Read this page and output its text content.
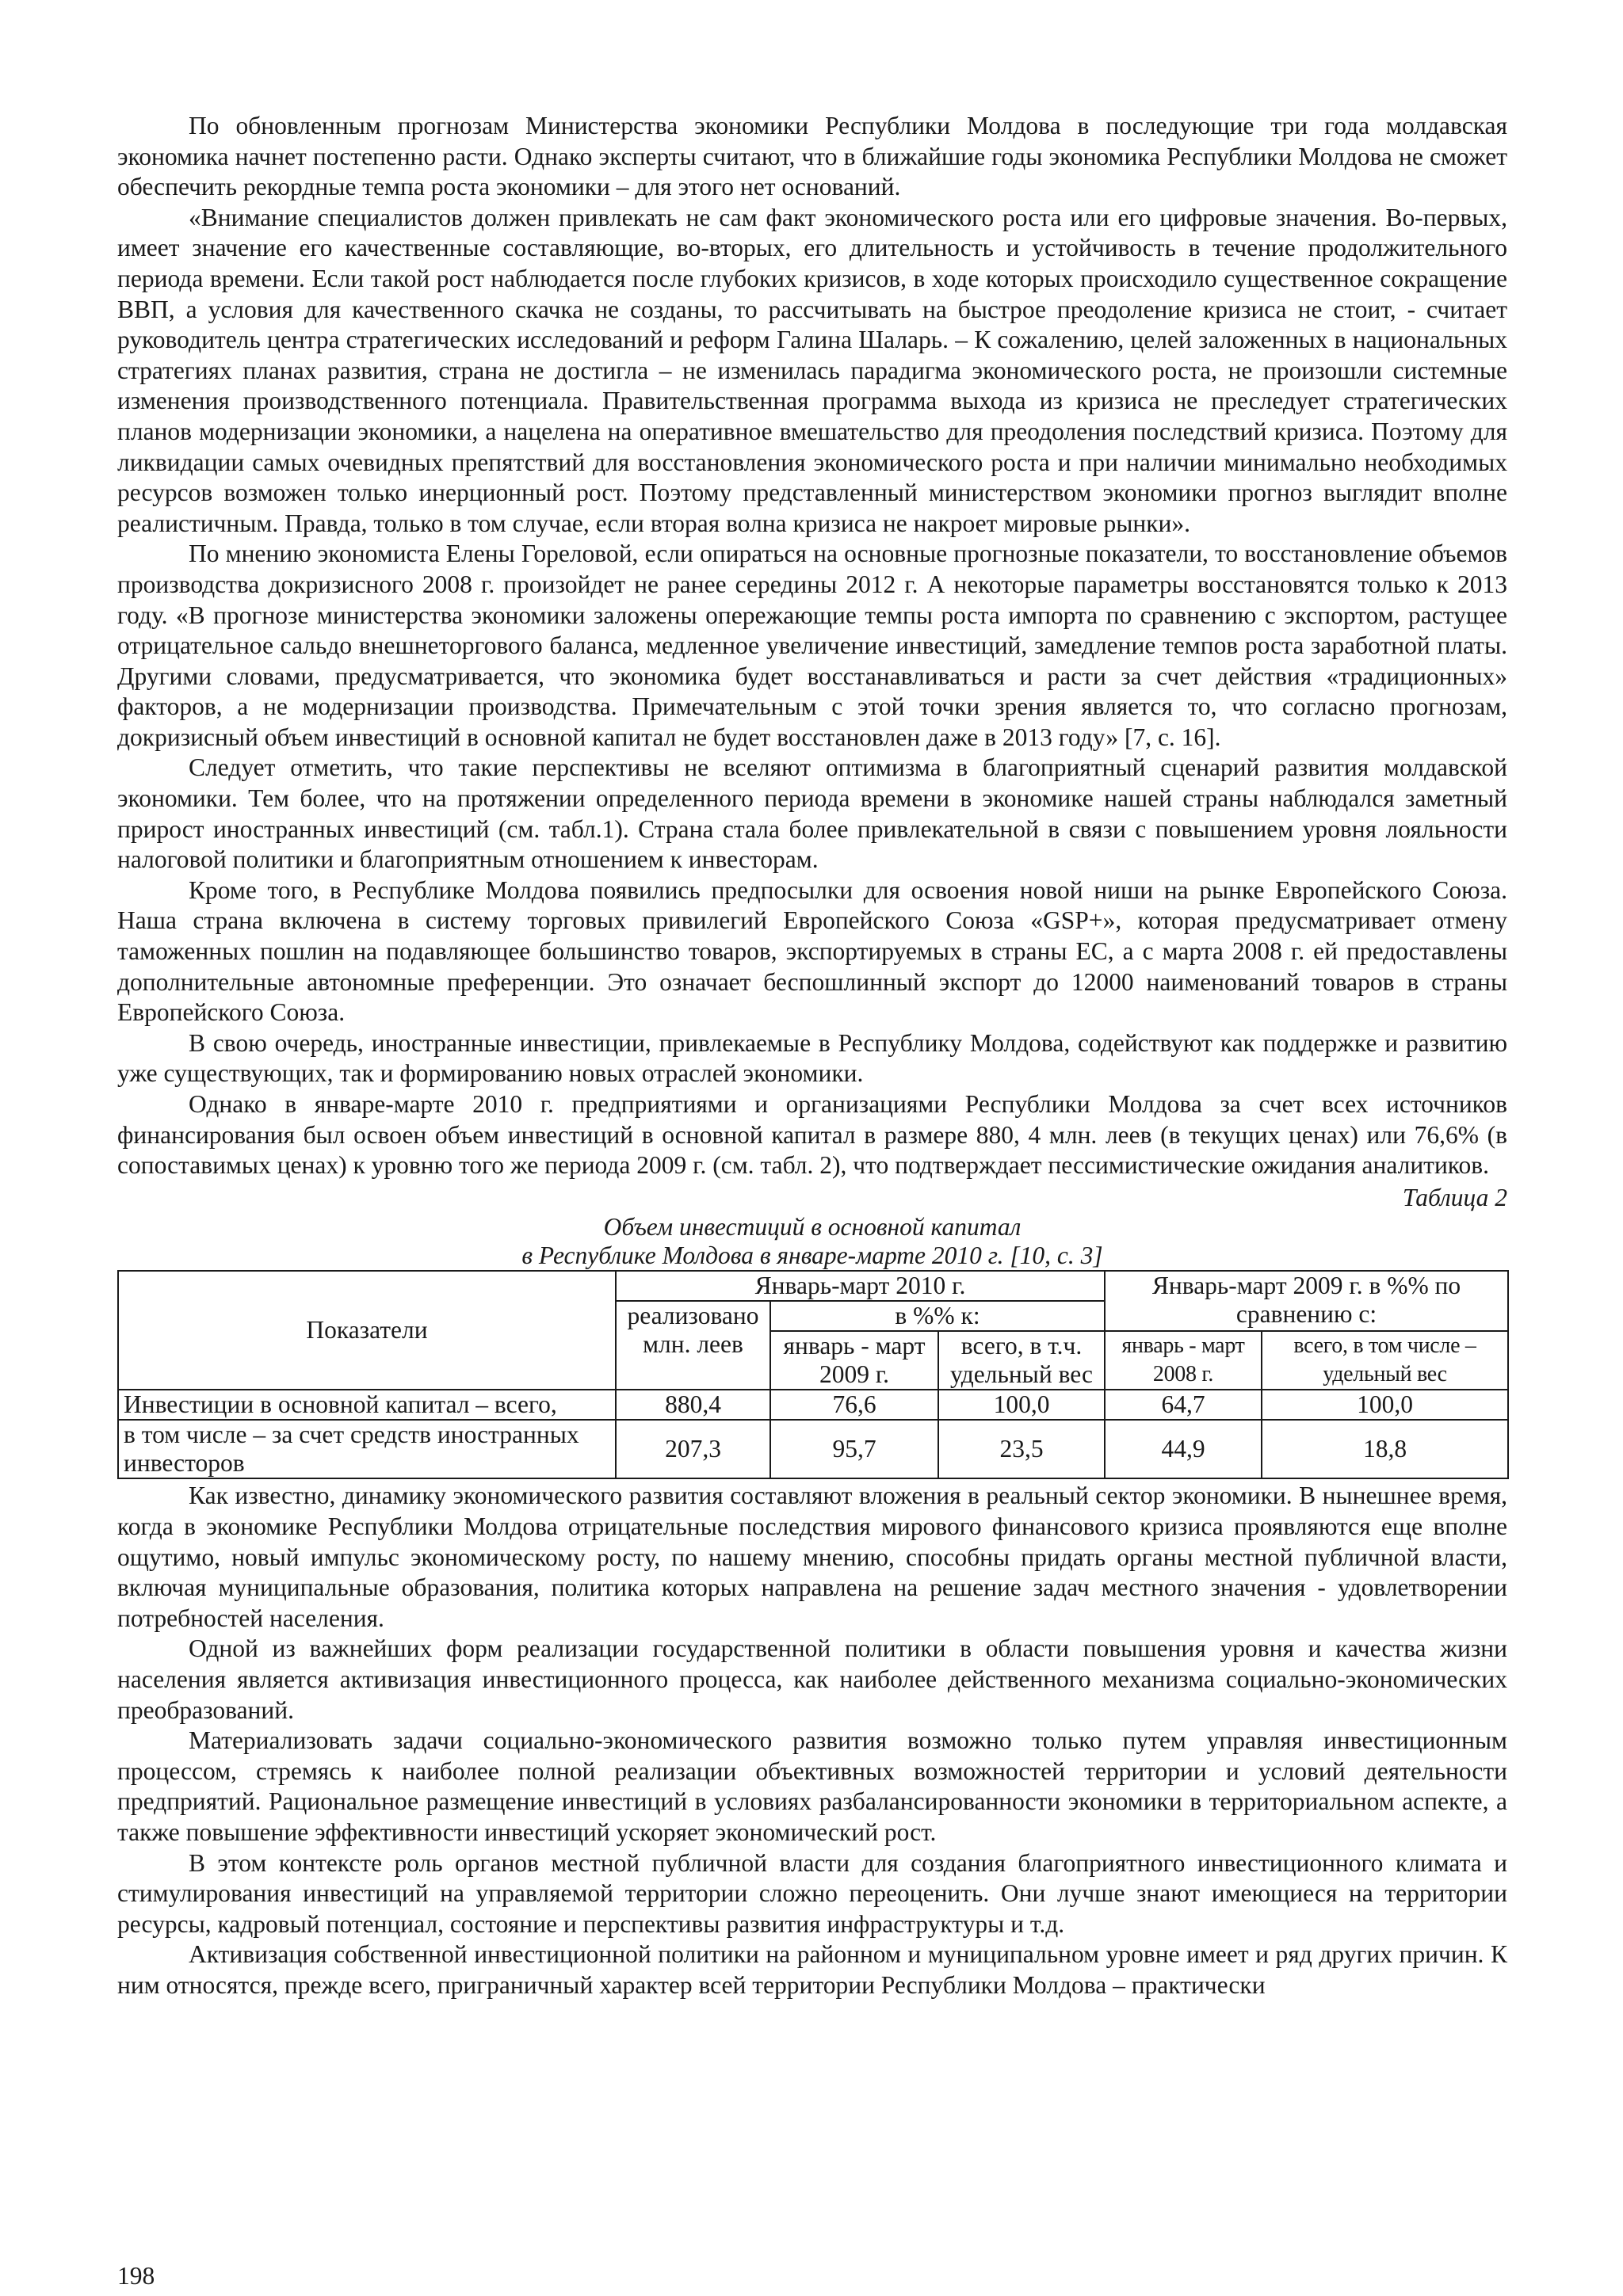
По обновленным прогнозам Министерства экономики Республики Молдова в последующие три года молдавская экономика начнет постепенно расти. Однако эксперты считают, что в ближайшие годы экономика Республики Молдова не сможет обеспечить рекордные темпа роста экономики – для этого нет оснований.

«Внимание специалистов должен привлекать не сам факт экономического роста или его цифровые значения. Во-первых, имеет значение его качественные составляющие, во-вторых, его длительность и устойчивость в течение продолжительного периода времени. Если такой рост наблюдается после глубоких кризисов, в ходе которых происходило существенное сокращение ВВП, а условия для качественного скачка не созданы, то рассчитывать на быстрое преодоление кризиса не стоит, - считает руководитель центра стратегических исследований и реформ Галина Шаларь. – К сожалению, целей заложенных в национальных стратегиях планах развития, страна не достигла – не изменилась парадигма экономического роста, не произошли системные изменения производственного потенциала. Правительственная программа выхода из кризиса не преследует стратегических планов модернизации экономики, а нацелена на оперативное вмешательство для преодоления последствий кризиса. Поэтому для ликвидации самых очевидных препятствий для восстановления экономического роста и при наличии минимально необходимых ресурсов возможен только инерционный рост. Поэтому представленный министерством экономики прогноз выглядит вполне реалистичным. Правда, только в том случае, если вторая волна кризиса не накроет мировые рынки».

По мнению экономиста Елены Гореловой, если опираться на основные прогнозные показатели, то восстановление объемов производства докризисного 2008 г. произойдет не ранее середины 2012 г. А некоторые параметры восстановятся только к 2013 году. «В прогнозе министерства экономики заложены опережающие темпы роста импорта по сравнению с экспортом, растущее отрицательное сальдо внешнеторгового баланса, медленное увеличение инвестиций, замедление темпов роста заработной платы. Другими словами, предусматривается, что экономика будет восстанавливаться и расти за счет действия «традиционных» факторов, а не модернизации производства. Примечательным с этой точки зрения является то, что согласно прогнозам, докризисный объем инвестиций в основной капитал не будет восстановлен даже в 2013 году» [7, с. 16].

Следует отметить, что такие перспективы не вселяют оптимизма в благоприятный сценарий развития молдавской экономики. Тем более, что на протяжении определенного периода времени в экономике нашей страны наблюдался заметный прирост иностранных инвестиций (см. табл.1). Страна стала более привлекательной в связи с повышением уровня лояльности налоговой политики и благоприятным отношением к инвесторам.

Кроме того, в Республике Молдова появились предпосылки для освоения новой ниши на рынке Европейского Союза. Наша страна включена в систему торговых привилегий Европейского Союза «GSP+», которая предусматривает отмену таможенных пошлин на подавляющее большинство товаров, экспортируемых в страны ЕС, а с марта 2008 г. ей предоставлены дополнительные автономные преференции. Это означает беспошлинный экспорт до 12000 наименований товаров в страны Европейского Союза.

В свою очередь, иностранные инвестиции, привлекаемые в Республику Молдова, содействуют как поддержке и развитию уже существующих, так и формированию новых отраслей экономики.

Однако в январе-марте 2010 г. предприятиями и организациями Республики Молдова за счет всех источников финансирования был освоен объем инвестиций в основной капитал в размере 880, 4 млн. леев (в текущих ценах) или 76,6% (в сопоставимых ценах) к уровню того же периода 2009 г. (см. табл. 2), что подтверждает пессимистические ожидания аналитиков.

Таблица 2
Объем инвестиций в основной капитал
в Республике Молдова в январе-марте 2010 г. [10, с. 3]
Показатели	Январь-март 2010 г.			Январь-март 2009 г. в %% по сравнению с:	
	реализовано млн. леев	в %% к:			
		январь - март 2009 г.	всего, в т.ч. удельный вес	январь - март 2008 г.	всего, в том числе – удельный вес
Инвестиции в основной капитал – всего,	880,4	76,6	100,0	64,7	100,0
в том числе – за счет средств иностранных инвесторов	207,3	95,7	23,5	44,9	18,8

Как известно, динамику экономического развития составляют вложения в реальный сектор экономики. В нынешнее время, когда в экономике Республики Молдова отрицательные последствия мирового финансового кризиса проявляются еще вполне ощутимо, новый импульс экономическому росту, по нашему мнению, способны придать органы местной публичной власти, включая муниципальные образования, политика которых направлена на решение задач местного значения - удовлетворении потребностей населения.

Одной из важнейших форм реализации государственной политики в области повышения уровня и качества жизни населения является активизация инвестиционного процесса, как наиболее действенного механизма социально-экономических преобразований.

Материализовать задачи социально-экономического развития возможно только путем управляя инвестиционным процессом, стремясь к наиболее полной реализации объективных возможностей территории и условий деятельности предприятий. Рациональное размещение инвестиций в условиях разбалансированности экономики в территориальном аспекте, а также повышение эффективности инвестиций ускоряет экономический рост.

В этом контексте роль органов местной публичной власти для создания благоприятного инвестиционного климата и стимулирования инвестиций на управляемой территории сложно переоценить. Они лучше знают имеющиеся на территории ресурсы, кадровый потенциал, состояние и перспективы развития инфраструктуры и т.д.

Активизация собственной инвестиционной политики на районном и муниципальном уровне имеет и ряд других причин. К ним относятся, прежде всего, приграничный характер всей территории Республики Молдова – практически

198
